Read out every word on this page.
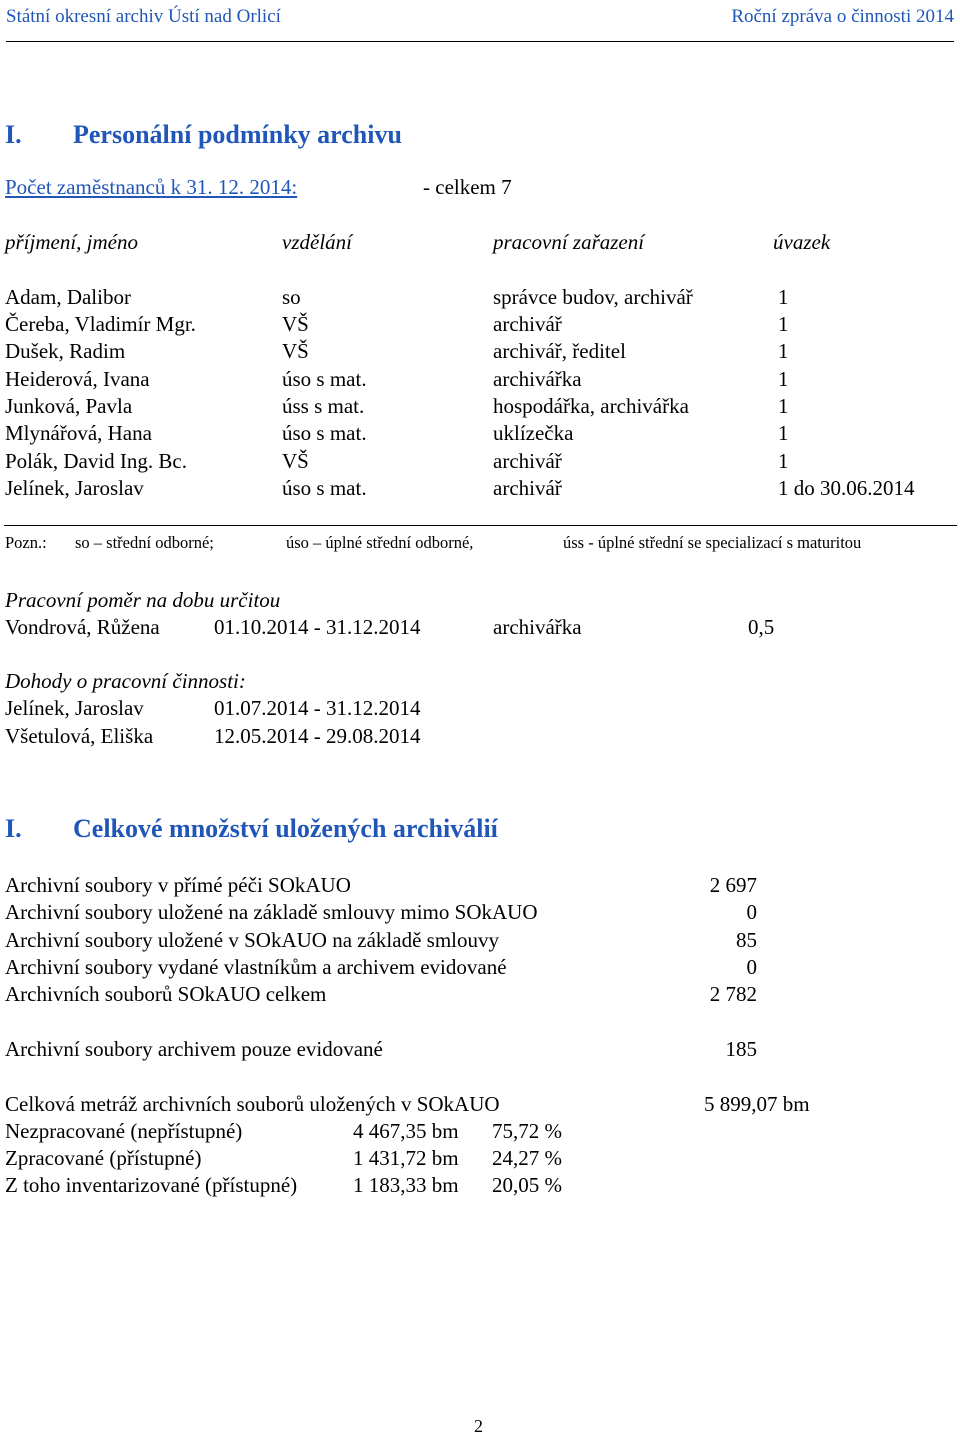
Státní okresní archiv Ústí nad Orlicí	Roční zpráva o činnosti 2014
I. Personální podmínky archivu
Počet zaměstnanců k 31. 12. 2014:	- celkem 7
příjmení, jméno	vzdělání	pracovní zařazení	úvazek
Adam, Dalibor	so	správce budov, archivář	1
Čereba, Vladimír Mgr.	VŠ	archivář	1
Dušek, Radim	VŠ	archivář, ředitel	1
Heiderová, Ivana	úso s mat.	archivářka	1
Junková, Pavla	úss s mat.	hospodářka, archivářka	1
Mlynářová, Hana	úso s mat.	uklízečka	1
Polák, David Ing. Bc.	VŠ	archivář	1
Jelínek, Jaroslav	úso s mat.	archivář	1 do 30.06.2014
Pozn.: so – střední odborné;	úso – úplné střední odborné,	úss - úplné střední se specializací s maturitou
Pracovní poměr na dobu určitou
Vondrová, Růžena	01.10.2014 - 31.12.2014	archivářka	0,5
Dohody o pracovní činnosti:
Jelínek, Jaroslav	01.07.2014 - 31.12.2014
Všetulová, Eliška	12.05.2014 - 29.08.2014
I. Celkové množství uložených archiválií
Archivní soubory v přímé péči SOkAUO	2 697
Archivní soubory uložené na základě smlouvy mimo SOkAUO	0
Archivní soubory uložené v SOkAUO na základě smlouvy	85
Archivní soubory vydané vlastníkům a archivem evidované	0
Archivních souborů SOkAUO celkem	2 782
Archivní soubory archivem pouze evidované	185
Celková metráž archivních souborů uložených v SOkAUO	5 899,07 bm
Nezpracované (nepřístupné)	4 467,35 bm 75,72 %
Zpracované (přístupné)	1 431,72 bm 24,27 %
Z toho inventarizované (přístupné)	1 183,33 bm 20,05 %
2
